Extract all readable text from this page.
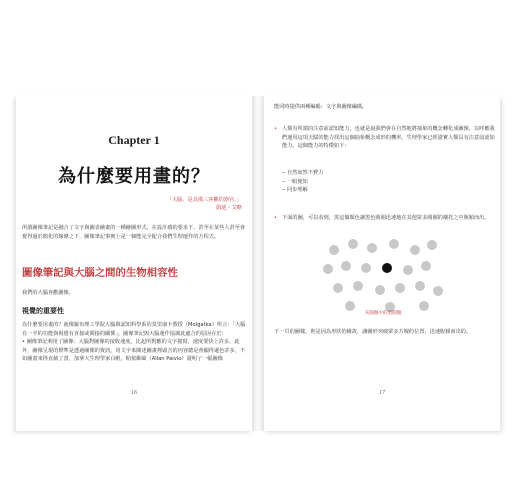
Chapter 1
為什麼要用畫的？
「大腦，是具備三客觀的器官。」
凱迪・艾略

所謂圖像筆記是融合了文字與圖表繪畫的一種繪圖形式，在設計感的要求下，甚至在某些人甚至會覺得過於簡化的線條之下，圖像筆記事實上是一個能完全配合我們生理運作的方程式。

圖像筆記與大腦之間的生物相容性

我們的大腦喜歡圖像。

視覺的重要性

為什麼要用畫的？就像羅布理工學院大腦與認知科學系的莫里康卡教授（Molgatka）所言：「大腦有一半的功能與視覺有直接或間接的關係」。圖像筆記與大腦運作協調此處合的原因在於：
• 圖像筆記利用了圖像：大腦對圖像的接收速度，比起所對應的文字描寫，速度要快上許多，此外，圖像呈現的標準是透過圖像的資訊，用文字來陳述圖畫裡頭含的內容總是會顯得遜色許多，不如圖畫來得直截了當，加拿大生理學家白帆，帕依維歐（Allan Paivio）證明了一幅圖像

16

能同時提供兩種編碼：文字與圖像編碼。

• 人類有所謂的注意前認知能力，也就是說我們會在自然地將抽象的概念轉化成圖像，以呼應我們運用這項天賦的能力找出這個抽象概念成形的機率。生理學家已經證實人類具有注意前認知能力。這個能力的特徵如下：

‒ 自然而然不費力
‒ 一眼便知
‒ 同步理解

• 下面的圖，可以看到，黑這個顏色讓黑色圓圈迅速地在其他眾多圓圈的襯托之中脫穎而出。

灰圓圈中的黑圓圈

下一頁的圖樣，則是因為形狀的緣故，讓圖形突破眾多方塊的位置，迅速脫穎而出的。

17
